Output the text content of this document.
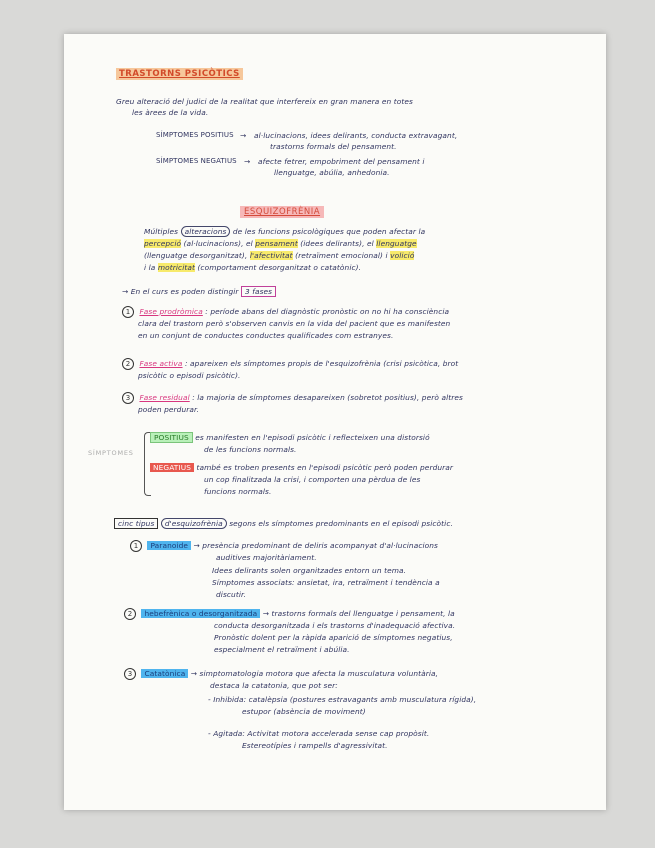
TRASTORNS PSICÒTICS
Greu alteració del judici de la realitat que interfereix en gran manera en totes
les àrees de la vida.
SÍMPTOMES POSITIUS → al·lucinacions, idees delirants, conducta extravagant,
trastorns formals del pensament.
SÍMPTOMES NEGATIUS → afecte fetrer, empobriment del pensament i
llenguatge, abúlia, anhedonia.
ESQUIZOFRÈNIA
Múltiples alteracions de les funcions psicològiques que poden afectar la
percepció (al·lucinacions), el pensament (idees delirants), el llenguatge
(llenguatge desorganitzat), l'afectivitat (retraïment emocional) i volició
i la motricitat (comportament desorganitzat o catatònic).
→ En el curs es poden distingir 3 fases
1 Fase prodròmica : període abans del diagnòstic pronòstic on no hi ha consciència
clara del trastorn però s'observen canvis en la vida del pacient que es manifesten
en un conjunt de conductes conductes qualificades com estranyes.
2 Fase activa : apareixen els símptomes propis de l'esquizofrènia (crisi psicòtica, brot
psicòtic o episodi psicòtic).
3 Fase residual : la majoria de símptomes desapareixen (sobretot positius), però altres
poden perdurar.
SÍMPTOMES
POSITIUS es manifesten en l'episodi psicòtic i reflecteixen una distorsió
de les funcions normals.
NEGATIUS també es troben presents en l'episodi psicòtic però poden perdurar
un cop finalitzada la crisi, i comporten una pèrdua de les
funcions normals.
cinc tipus d'esquizofrènia segons els símptomes predominants en el episodi psicòtic.
1 Paranoide → presència predominant de deliris acompanyat d'al·lucinacions
auditives majoritàriament.
Idees delirants solen organitzades entorn un tema.
Símptomes associats: ansietat, ira, retraïment i tendència a
discutir.
2 hebefrènica o desorganitzada → trastorns formals del llenguatge i pensament, la
conducta desorganitzada i els trastorns d'inadequació afectiva.
Pronòstic dolent per la ràpida aparició de símptomes negatius,
especialment el retraïment i abúlia.
3 Catatònica → simptomatologia motora que afecta la musculatura voluntària,
destaca la catatonia, que pot ser:
- Inhibida: catalèpsia (postures estravagants amb musculatura rígida),
estupor (absència de moviment)
- Agitada: Activitat motora accelerada sense cap propòsit.
Estereotípies i rampells d'agressivitat.
